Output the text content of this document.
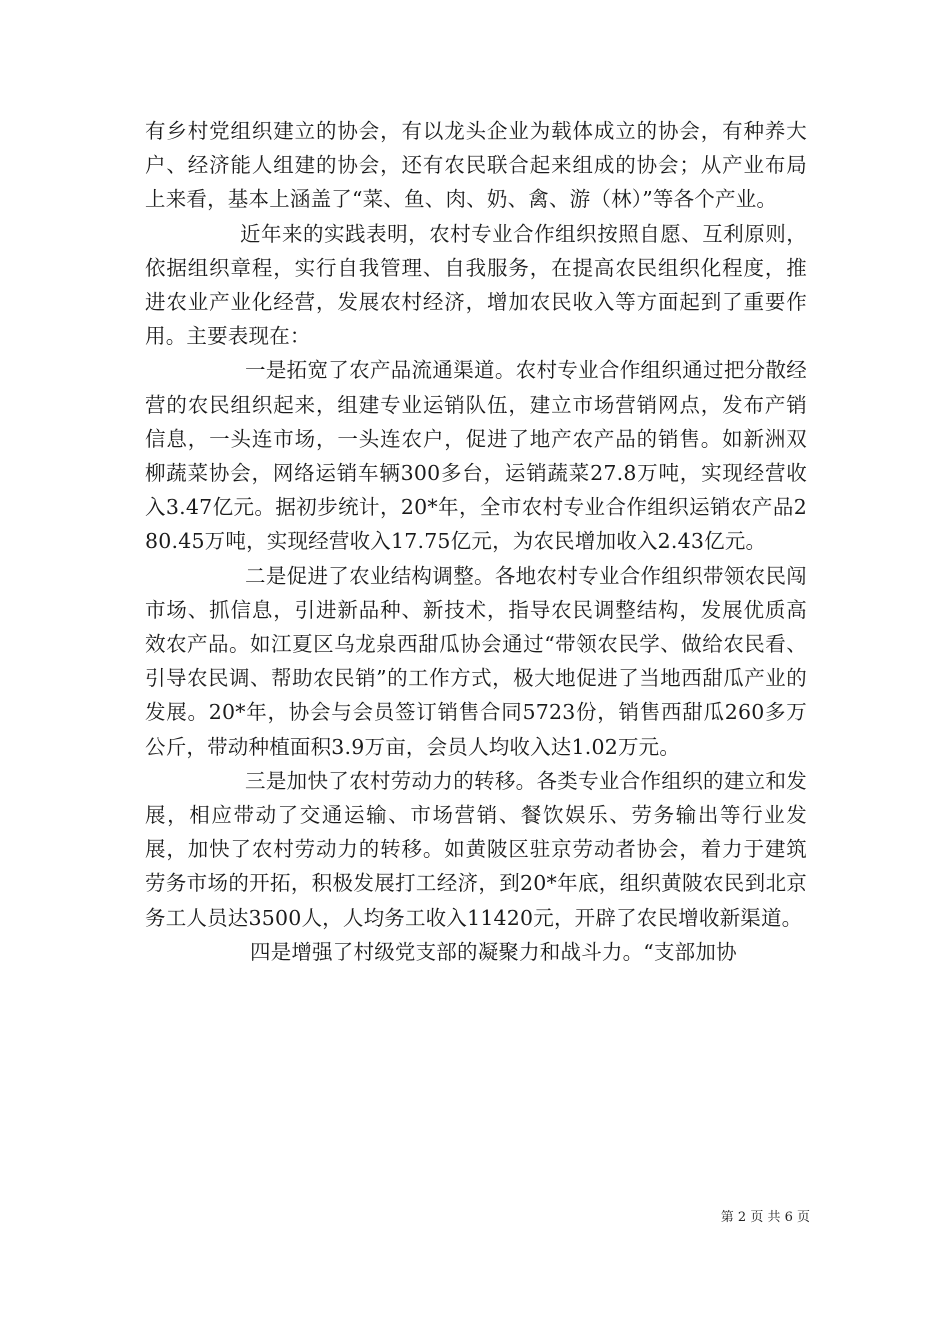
有乡村党组织建立的协会，有以龙头企业为载体成立的协会，有种养大户、经济能人组建的协会，还有农民联合起来组成的协会；从产业布局上来看，基本上涵盖了“菜、鱼、肉、奶、禽、游（林）”等各个产业。

近年来的实践表明，农村专业合作组织按照自愿、互利原则，依据组织章程，实行自我管理、自我服务，在提高农民组织化程度，推进农业产业化经营，发展农村经济，增加农民收入等方面起到了重要作用。主要表现在：

一是拓宽了农产品流通渠道。农村专业合作组织通过把分散经营的农民组织起来，组建专业运销队伍，建立市场营销网点，发布产销信息，一头连市场，一头连农户，促进了地产农产品的销售。如新洲双柳蔬菜协会，网络运销车辆300多台，运销蔬菜27.8万吨，实现经营收入3.47亿元。据初步统计，20*年，全市农村专业合作组织运销农产品280.45万吨，实现经营收入17.75亿元，为农民增加收入2.43亿元。

二是促进了农业结构调整。各地农村专业合作组织带领农民闯市场、抓信息，引进新品种、新技术，指导农民调整结构，发展优质高效农产品。如江夏区乌龙泉西甜瓜协会通过“带领农民学、做给农民看、引导农民调、帮助农民销”的工作方式，极大地促进了当地西甜瓜产业的发展。20*年，协会与会员签订销售合同5723份，销售西甜瓜260多万公斤，带动种植面积3.9万亩，会员人均收入达1.02万元。

三是加快了农村劳动力的转移。各类专业合作组织的建立和发展，相应带动了交通运输、市场营销、餐饮娱乐、劳务输出等行业发展，加快了农村劳动力的转移。如黄陂区驻京劳动者协会，着力于建筑劳务市场的开拓，积极发展打工经济，到20*年底，组织黄陂农民到北京务工人员达3500人，人均务工收入11420元，开辟了农民增收新渠道。

四是增强了村级党支部的凝聚力和战斗力。“支部加协

第 2 页 共 6 页
